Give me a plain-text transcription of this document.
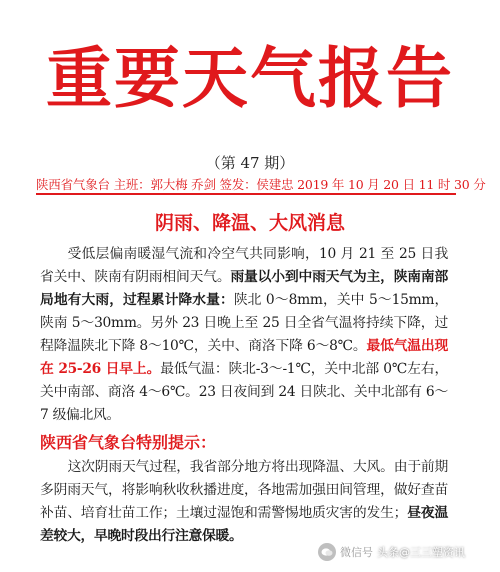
重要天气报告
（第 47 期）
陕西省气象台 主班：郭大梅 乔剑 签发：侯建忠 2019 年 10 月 20 日 11 时 30 分
阴雨、降温、大风消息
受低层偏南暖湿气流和冷空气共同影响，10 月 21 至 25 日我省关中、陕南有阴雨相间天气。雨量以小到中雨天气为主，陕南南部局地有大雨，过程累计降水量：陕北 0～8mm，关中 5～15mm，陕南 5～30mm。另外 23 日晚上至 25 日全省气温将持续下降，过程降温陕北下降 8～10℃，关中、商洛下降 6～8℃。最低气温出现在 25-26 日早上。最低气温：陕北-3～-1℃，关中北部 0℃左右，关中南部、商洛 4～6℃。23 日夜间到 24 日陕北、关中北部有 6～7 级偏北风。
陕西省气象台特别提示：
这次阴雨天气过程，我省部分地方将出现降温、大风。由于前期多阴雨天气，将影响秋收秋播进度，各地需加强田间管理，做好查苗补苗、培育壮苗工作；土壤过湿饱和需警惕地质灾害的发生；昼夜温差较大，早晚时段出行注意保暖。
微信号 头条@三三塑资讯
